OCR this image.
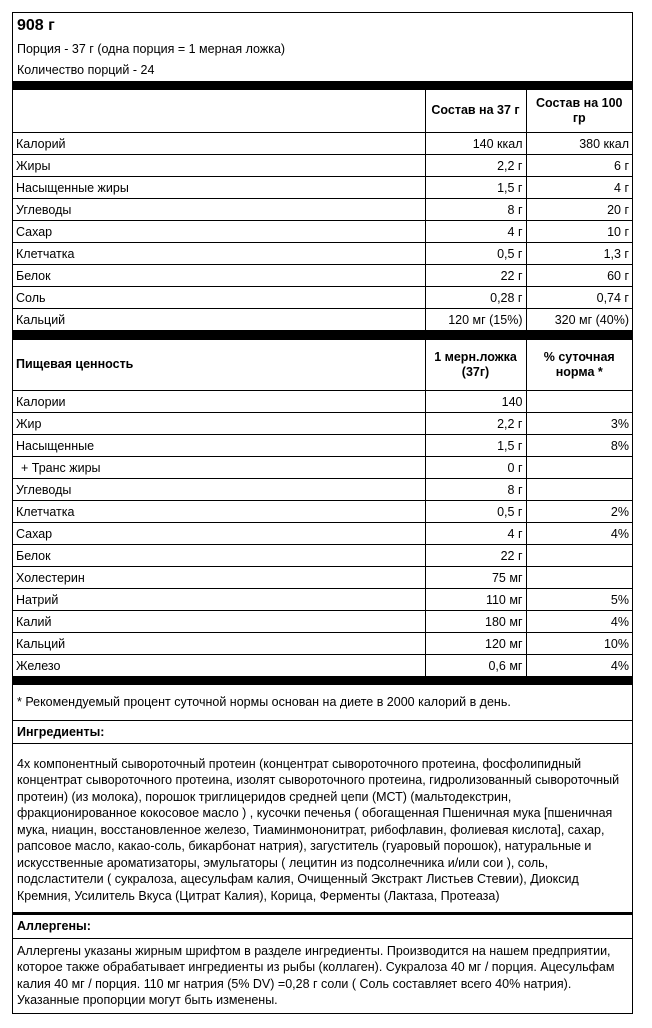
908 г
Порция - 37 г (одна порция = 1 мерная ложка)
Количество порций - 24
	Состав на 37 г	Состав на 100 гр
Калорий	140 ккал	380 ккал
Жиры	2,2 г	6 г
Насыщенные жиры	1,5 г	4 г
Углеводы	8 г	20 г
Сахар	4 г	10 г
Клетчатка	0,5 г	1,3 г
Белок	22 г	60 г
Соль	0,28 г	0,74 г
Кальций	120 мг (15%)	320 мг (40%)
Пищевая ценность	1 мерн.ложка (37г)	% суточная норма *
Калории	140	
Жир	2,2 г	3%
Насыщенные	1,5 г	8%
+ Транс жиры	0 г	
Углеводы	8 г	
Клетчатка	0,5 г	2%
Сахар	4 г	4%
Белок	22 г	
Холестерин	75 мг	
Натрий	110 мг	5%
Калий	180 мг	4%
Кальций	120 мг	10%
Железо	0,6 мг	4%
* Рекомендуемый процент суточной нормы основан на диете в 2000 калорий в день.
Ингредиенты:
4х компонентный сывороточный протеин (концентрат сывороточного протеина, фосфолипидный концентрат сывороточного протеина, изолят сывороточного протеина, гидролизованный сывороточный протеин) (из молока), порошок триглицеридов средней цепи (МСТ) (мальтодекстрин, фракционированное кокосовое масло ) , кусочки печенья ( обогащенная Пшеничная мука [пшеничная мука, ниацин, восстановленное железо, Тиаминмононитрат, рибофлавин, фолиевая кислота], сахар, рапсовое масло, какао-соль, бикарбонат натрия), загуститель (гуаровый порошок), натуральные и искусственные ароматизаторы, эмульгаторы ( лецитин из подсолнечника и/или сои ), соль, подсластители ( сукралоза, ацесульфам калия, Очищенный Экстракт Листьев Стевии), Диоксид Кремния, Усилитель Вкуса (Цитрат Калия), Корица, Ферменты (Лактаза, Протеаза)
Аллергены:
Аллергены указаны жирным шрифтом в разделе ингредиенты. Производится на нашем предприятии, которое также обрабатывает ингредиенты из рыбы (коллаген). Сукралоза 40 мг / порция. Ацесульфам калия 40 мг / порция. 110 мг натрия (5% DV) =0,28 г соли ( Соль составляет всего 40% натрия). Указанные пропорции могут быть изменены.
